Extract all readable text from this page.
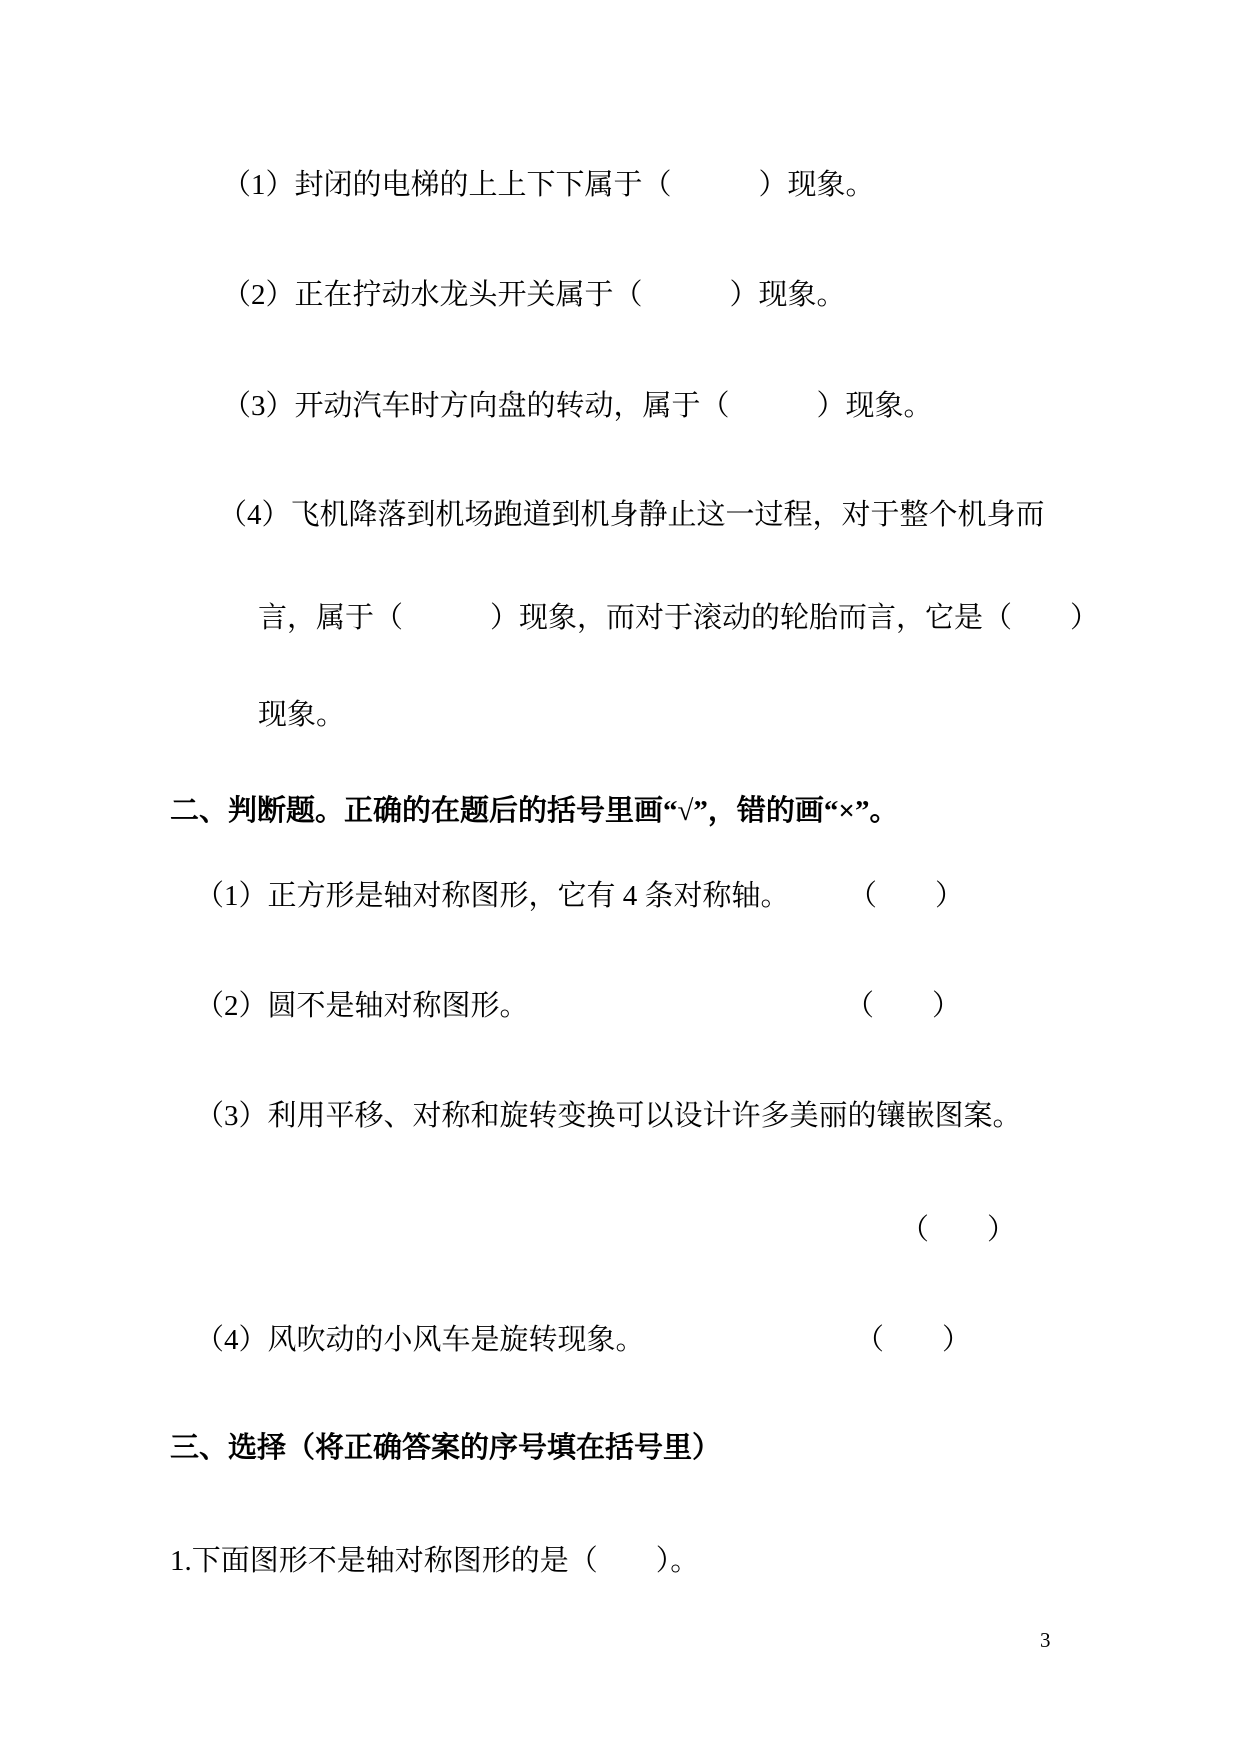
（1）封闭的电梯的上上下下属于（　　　）现象。
（2）正在拧动水龙头开关属于（　　　）现象。
（3）开动汽车时方向盘的转动，属于（　　　）现象。
（4）飞机降落到机场跑道到机身静止这一过程，对于整个机身而
言，属于（　　　）现象，而对于滚动的轮胎而言，它是（　　）
现象。
二、判断题。正确的在题后的括号里画“√”，错的画“×”。
（1）正方形是轴对称图形，它有 4 条对称轴。 （　　）
（2）圆不是轴对称图形。	（　　）
（3）利用平移、对称和旋转变换可以设计许多美丽的镶嵌图案。
（　　）
（4）风吹动的小风车是旋转现象。	（　　）
三、选择（将正确答案的序号填在括号里）
1.下面图形不是轴对称图形的是（　　）。
3
